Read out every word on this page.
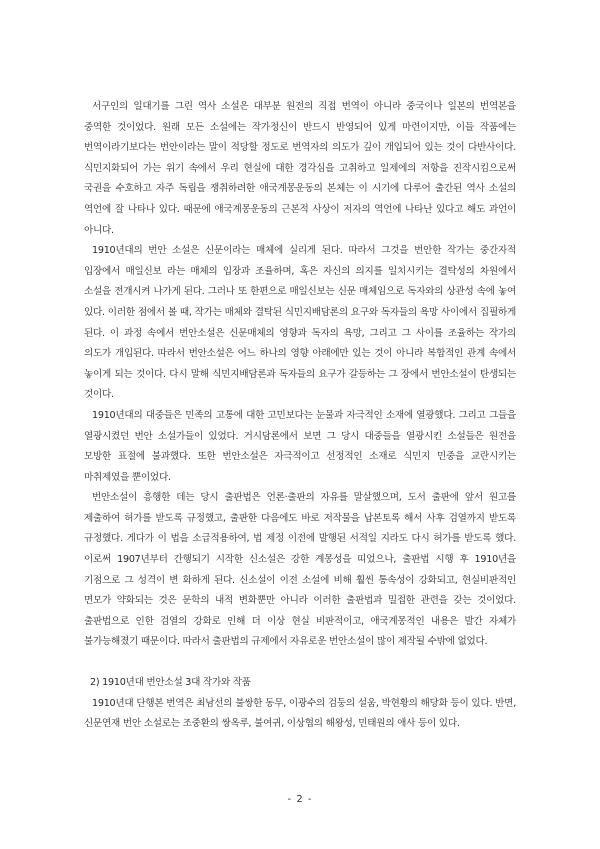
서구인의 일대기를 그린 역사 소설은 대부분 원전의 직접 번역이 아니라 중국이나 일본의 번역본을 중역한 것이었다. 원래 모든 소설에는 작가정신이 반드시 반영되어 있게 마련이지만, 이들 작품에는 번역이라기보다는 번안이라는 말이 적당할 정도로 번역자의 의도가 깊이 개입되어 있는 것이 다반사이다. 식민지화되어 가는 위기 속에서 우리 현실에 대한 경각심을 고취하고 일제에의 저항을 진작시킴으로써 국권을 수호하고 자주 독립을 쟁취하려한 애국계몽운동의 본체는 이 시기에 다루어 출간된 역사 소설의 역언에 잘 나타나 있다. 때문에 애국계몽운동의 근본적 사상이 저자의 역언에 나타난 있다고 해도 과언이 아니다.

1910년대의 번안 소설은 신문이라는 매체에 실리게 된다. 따라서 그것을 번안한 작가는 중간자적 입장에서 매일신보 라는 매체의 입장과 조율하며, 혹은 자신의 의지를 일치시키는 결탁성의 차원에서 소설을 전개시켜 나가게 된다. 그러나 또 한편으로 매일신보는 신문 매체임으로 독자와의 상관성 속에 놓여 있다. 이러한 점에서 볼 때, 작가는 매체와 결탁된 식민지배담론의 요구와 독자들의 욕망 사이에서 집필하게 된다. 이 과정 속에서 번안소설은 신문매체의 영향과 독자의 욕망, 그리고 그 사이를 조율하는 작가의 의도가 개입된다. 따라서 번안소설은 어느 하나의 영향 아래에만 있는 것이 아니라 복합적인 관계 속에서 놓이게 되는 것이다. 다시 말해 식민지배담론과 독자들의 요구가 갈등하는 그 장에서 번안소설이 탄생되는 것이다.

1910년대의 대중들은 민족의 고통에 대한 고민보다는 눈물과 자극적인 소재에 열광했다. 그리고 그들을 열광시켰던 번안 소설가들이 있었다. 거시담론에서 보면 그 당시 대중들을 열광시킨 소설들은 원전을 모방한 표절에 불과했다. 또한 번안소설은 자극적이고 선정적인 소재로 식민지 민중을 교란시키는 마취제였을 뿐이었다.

번안소설이 흥행한 데는 당시 출판법은 언론·출판의 자유를 말살했으며, 도서 출판에 앞서 원고를 제출하여 허가를 받도록 규정했고, 출판한 다음에도 바로 저작물을 납본토록 해서 사후 검열까지 받도록 규정했다. 게다가 이 법을 소급적용하여, 법 제정 이전에 발행된 서적일 지라도 다시 허가를 받도록 했다. 이로써 1907년부터 간행되기 시작한 신소설은 강한 계몽성을 띠었으나, 출판법 시행 후 1910년을 기점으로 그 성격이 변 화하게 된다. 신소설이 이전 소설에 비해 훨씬 통속성이 강화되고, 현실비판적인 면모가 약화되는 것은 문학의 내적 변화뿐만 아니라 이러한 출판법과 밀접한 관련을 갖는 것이었다. 출판법으로 인한 검열의 강화로 인해 더 이상 현실 비판적이고, 애국계몽적인 내용은 발간 자체가 불가능해졌기 때문이다. 따라서 출판법의 규제에서 자유로운 번안소설이 많이 제작될 수밖에 없었다.

2) 1910년대 번안소설 3대 작가와 작품

1910년대 단행본 번역은 최남선의 불쌍한 동무, 이광수의 검둥의 설움, 박현황의 해당화 등이 있다. 반면, 신문연재 번안 소설로는 조중환의 쌍옥루, 불여귀, 이상협의 해왕성, 민태원의 애사 등이 있다.

- 2 -
